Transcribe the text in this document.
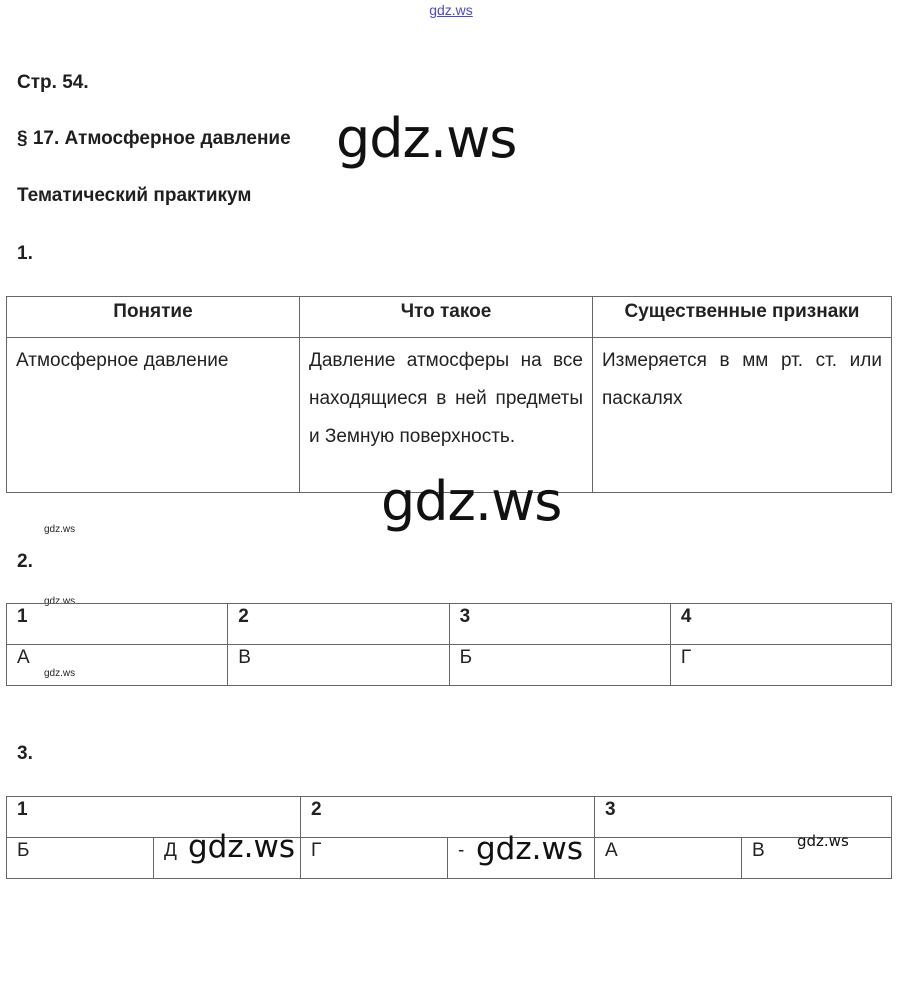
gdz.ws
Стр. 54.
§ 17. Атмосферное давление gdz.ws
Тематический практикум
1.
Понятие	Что такое	Существенные признаки
Атмосферное давление	Давление атмосферы на все находящиеся в ней предметы и Земную поверхность.	Измеряется в мм рт. ст. или паскалях
gdz.ws
gdz.ws
2.
gdz.ws
1	2	3	4
А	В	Б	Г
gdz.ws
3.
1		2		3	
Б	Д	Г	-	А	В
gdz.ws	gdz.ws	gdz.ws
